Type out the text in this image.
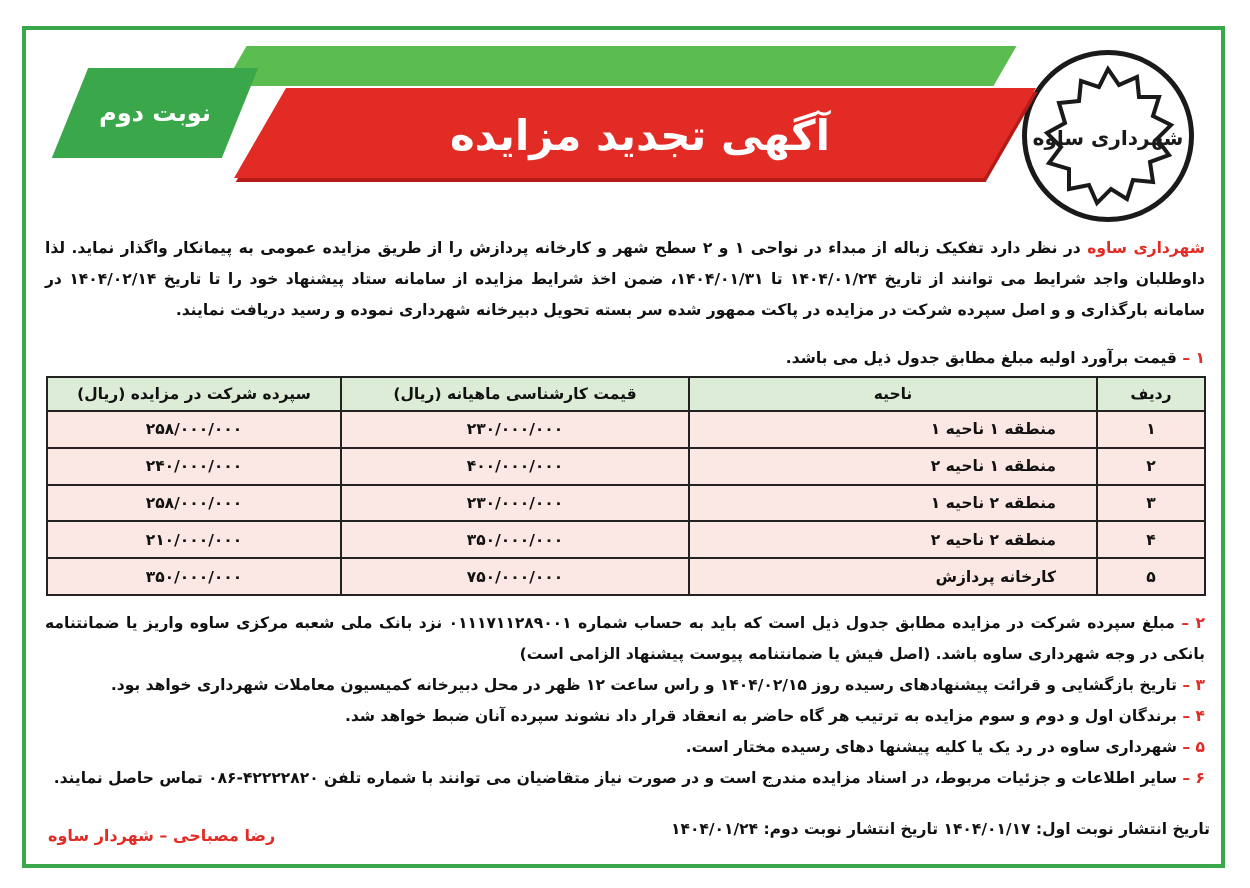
شهرداری ساوه
آگهی تجدید مزایده
نوبت دوم
شهرداری ساوه در نظر دارد تفکیک زباله از مبداء در نواحی ۱ و ۲ سطح شهر و کارخانه پردازش را از طریق مزایده عمومی به پیمانکار واگذار نماید. لذا داوطلبان واجد شرایط می توانند از تاریخ ۱۴۰۴/۰۱/۲۴ تا ۱۴۰۴/۰۱/۳۱، ضمن اخذ شرایط مزایده از سامانه ستاد پیشنهاد خود را تا تاریخ ۱۴۰۴/۰۲/۱۴ در سامانه بارگذاری و و اصل سپرده شرکت در مزایده در پاکت ممهور شده سر بسته تحویل دبیرخانه شهرداری نموده و رسید دریافت نمایند.
۱ – قیمت برآورد اولیه مبلغ مطابق جدول ذیل می باشد.
ردیف	ناحیه	قیمت کارشناسی ماهیانه (ریال)	سپرده شرکت در مزایده (ریال)
۱	منطقه ۱ ناحیه ۱	۲۳۰/۰۰۰/۰۰۰	۲۵۸/۰۰۰/۰۰۰
۲	منطقه ۱ ناحیه ۲	۴۰۰/۰۰۰/۰۰۰	۲۴۰/۰۰۰/۰۰۰
۳	منطقه ۲ ناحیه ۱	۲۳۰/۰۰۰/۰۰۰	۲۵۸/۰۰۰/۰۰۰
۴	منطقه ۲ ناحیه ۲	۳۵۰/۰۰۰/۰۰۰	۲۱۰/۰۰۰/۰۰۰
۵	کارخانه پردازش	۷۵۰/۰۰۰/۰۰۰	۳۵۰/۰۰۰/۰۰۰
۲ – مبلغ سپرده شرکت در مزایده مطابق جدول ذیل است که باید به حساب شماره ۰۱۱۱۷۱۱۲۸۹۰۰۱ نزد بانک ملی شعبه مرکزی ساوه واریز یا ضمانتنامه بانکی در وجه شهرداری ساوه باشد. (اصل فیش یا ضمانتنامه پیوست پیشنهاد الزامی است)
۳ – تاریخ بازگشایی و قرائت پیشنهادهای رسیده روز ۱۴۰۴/۰۲/۱۵ و راس ساعت ۱۲ ظهر در محل دبیرخانه کمیسیون معاملات شهرداری خواهد بود.
۴ – برندگان اول و دوم و سوم مزایده به ترتیب هر گاه حاضر به انعقاد قرار داد نشوند سپرده آنان ضبط خواهد شد.
۵ – شهرداری ساوه در رد یک یا کلیه پیشنها دهای رسیده مختار است.
۶ – سایر اطلاعات و جزئیات مربوط، در اسناد مزایده مندرج است و در صورت نیاز متقاضیان می توانند با شماره تلفن ۴۲۲۲۲۸۲۰-۰۸۶ تماس حاصل نمایند.
تاریخ انتشار نوبت اول: ۱۴۰۴/۰۱/۱۷ تاریخ انتشار نوبت دوم: ۱۴۰۴/۰۱/۲۴
رضا مصباحی – شهردار ساوه
